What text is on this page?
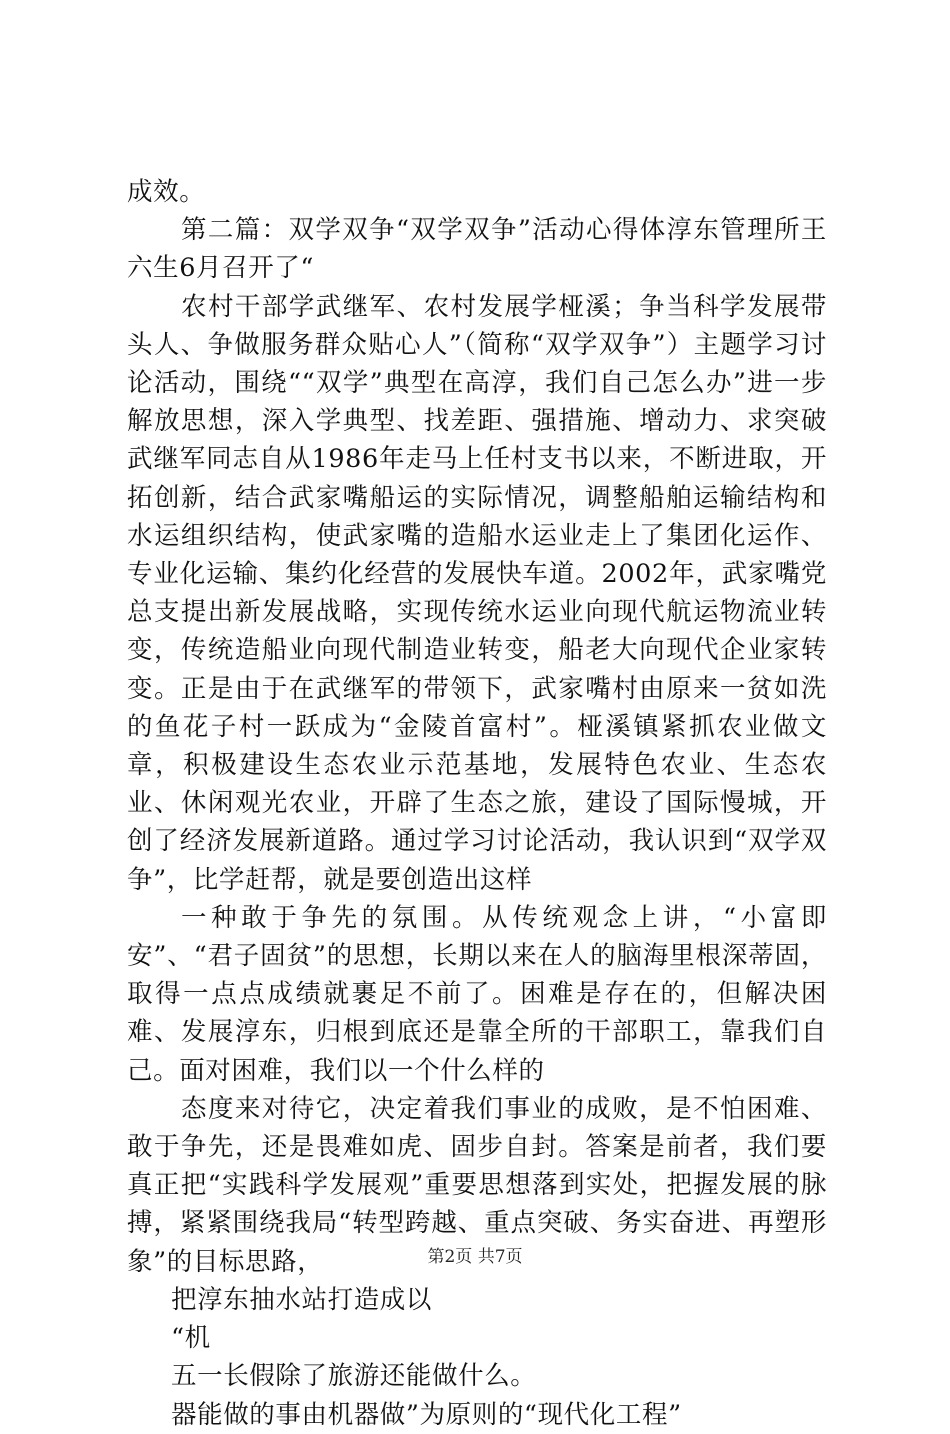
成效。

第二篇：双学双争“双学双争”活动心得体淳东管理所王六生6月召开了“

农村干部学武继军、农村发展学桠溪；争当科学发展带头人、争做服务群众贴心人”（简称“双学双争”）主题学习讨论活动，围绕““双学”典型在高淳，我们自己怎么办”进一步解放思想，深入学典型、找差距、强措施、增动力、求突破武继军同志自从1986年走马上任村支书以来，不断进取，开拓创新，结合武家嘴船运的实际情况，调整船舶运输结构和水运组织结构，使武家嘴的造船水运业走上了集团化运作、专业化运输、集约化经营的发展快车道。2002年，武家嘴党总支提出新发展战略，实现传统水运业向现代航运物流业转变，传统造船业向现代制造业转变，船老大向现代企业家转变。正是由于在武继军的带领下，武家嘴村由原来一贫如洗的鱼花子村一跃成为“金陵首富村”。桠溪镇紧抓农业做文章，积极建设生态农业示范基地，发展特色农业、生态农业、休闲观光农业，开辟了生态之旅，建设了国际慢城，开创了经济发展新道路。通过学习讨论活动，我认识到“双学双争”，比学赶帮，就是要创造出这样

一种敢于争先的氛围。从传统观念上讲，“小富即安”、“君子固贫”的思想，长期以来在人的脑海里根深蒂固，取得一点点成绩就裹足不前了。困难是存在的，但解决困难、发展淳东，归根到底还是靠全所的干部职工，靠我们自己。面对困难，我们以一个什么样的

态度来对待它，决定着我们事业的成败，是不怕困难、敢于争先，还是畏难如虎、固步自封。答案是前者，我们要真正把“实践科学发展观”重要思想落到实处，把握发展的脉搏，紧紧围绕我局“转型跨越、重点突破、务实奋进、再塑形象”的目标思路，

把淳东抽水站打造成以

“机

五一长假除了旅游还能做什么。

器能做的事由机器做”为原则的“现代化工程”

第2页 共7页
